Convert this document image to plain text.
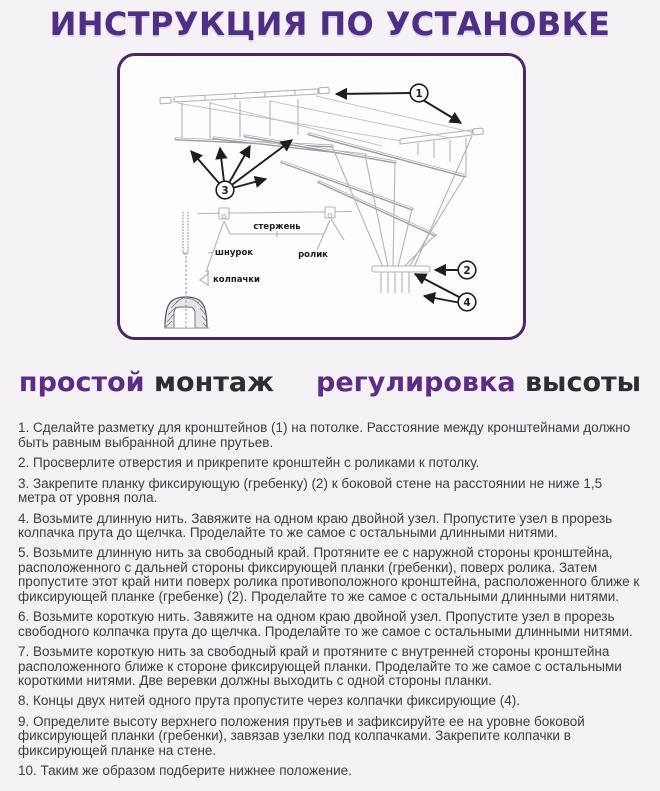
ИНСТРУКЦИЯ ПО УСТАНОВКЕ
1
2
3
4
стержень
шнурок	ролик
колпачки
простой монтаж регулировка высоты

1. Сделайте разметку для кронштейнов (1) на потолке. Расстояние между кронштейнами должно быть равным выбранной длине прутьев.

2. Просверлите отверстия и прикрепите кронштейн с роликами к потолку.

3. Закрепите планку фиксирующую (гребенку) (2) к боковой стене на расстоянии не ниже 1,5 метра от уровня пола.

4. Возьмите длинную нить. Завяжите на одном краю двойной узел. Пропустите узел в прорезь колпачка прута до щелчка. Проделайте то же самое с остальными длинными нитями.

5. Возьмите длинную нить за свободный край. Протяните ее с наружной стороны кронштейна, расположенного с дальней стороны фиксирующей планки (гребенки), поверх ролика. Затем пропустите этот край нити поверх ролика противоположного кронштейна, расположенного ближе к фиксирующей планке (гребенке) (2). Проделайте то же самое с остальными длинными нитями.

6. Возьмите короткую нить. Завяжите на одном краю двойной узел. Пропустите узел в прорезь свободного колпачка прута до щелчка. Проделайте то же самое с остальными длинными нитями.

7. Возьмите короткую нить за свободный край и протяните с внутренней стороны кронштейна расположенного ближе к стороне фиксирующей планки. Проделайте то же самое с остальными короткими нитями. Две веревки должны выходить с одной стороны планки.

8. Концы двух нитей одного прута пропустите через колпачки фиксирующие (4).

9. Определите высоту верхнего положения прутьев и зафиксируйте ее на уровне боковой фиксирующей планки (гребенки), завязав узелки под колпачками. Закрепите колпачки в фиксирующей планке на стене.

10. Таким же образом подберите нижнее положение.
